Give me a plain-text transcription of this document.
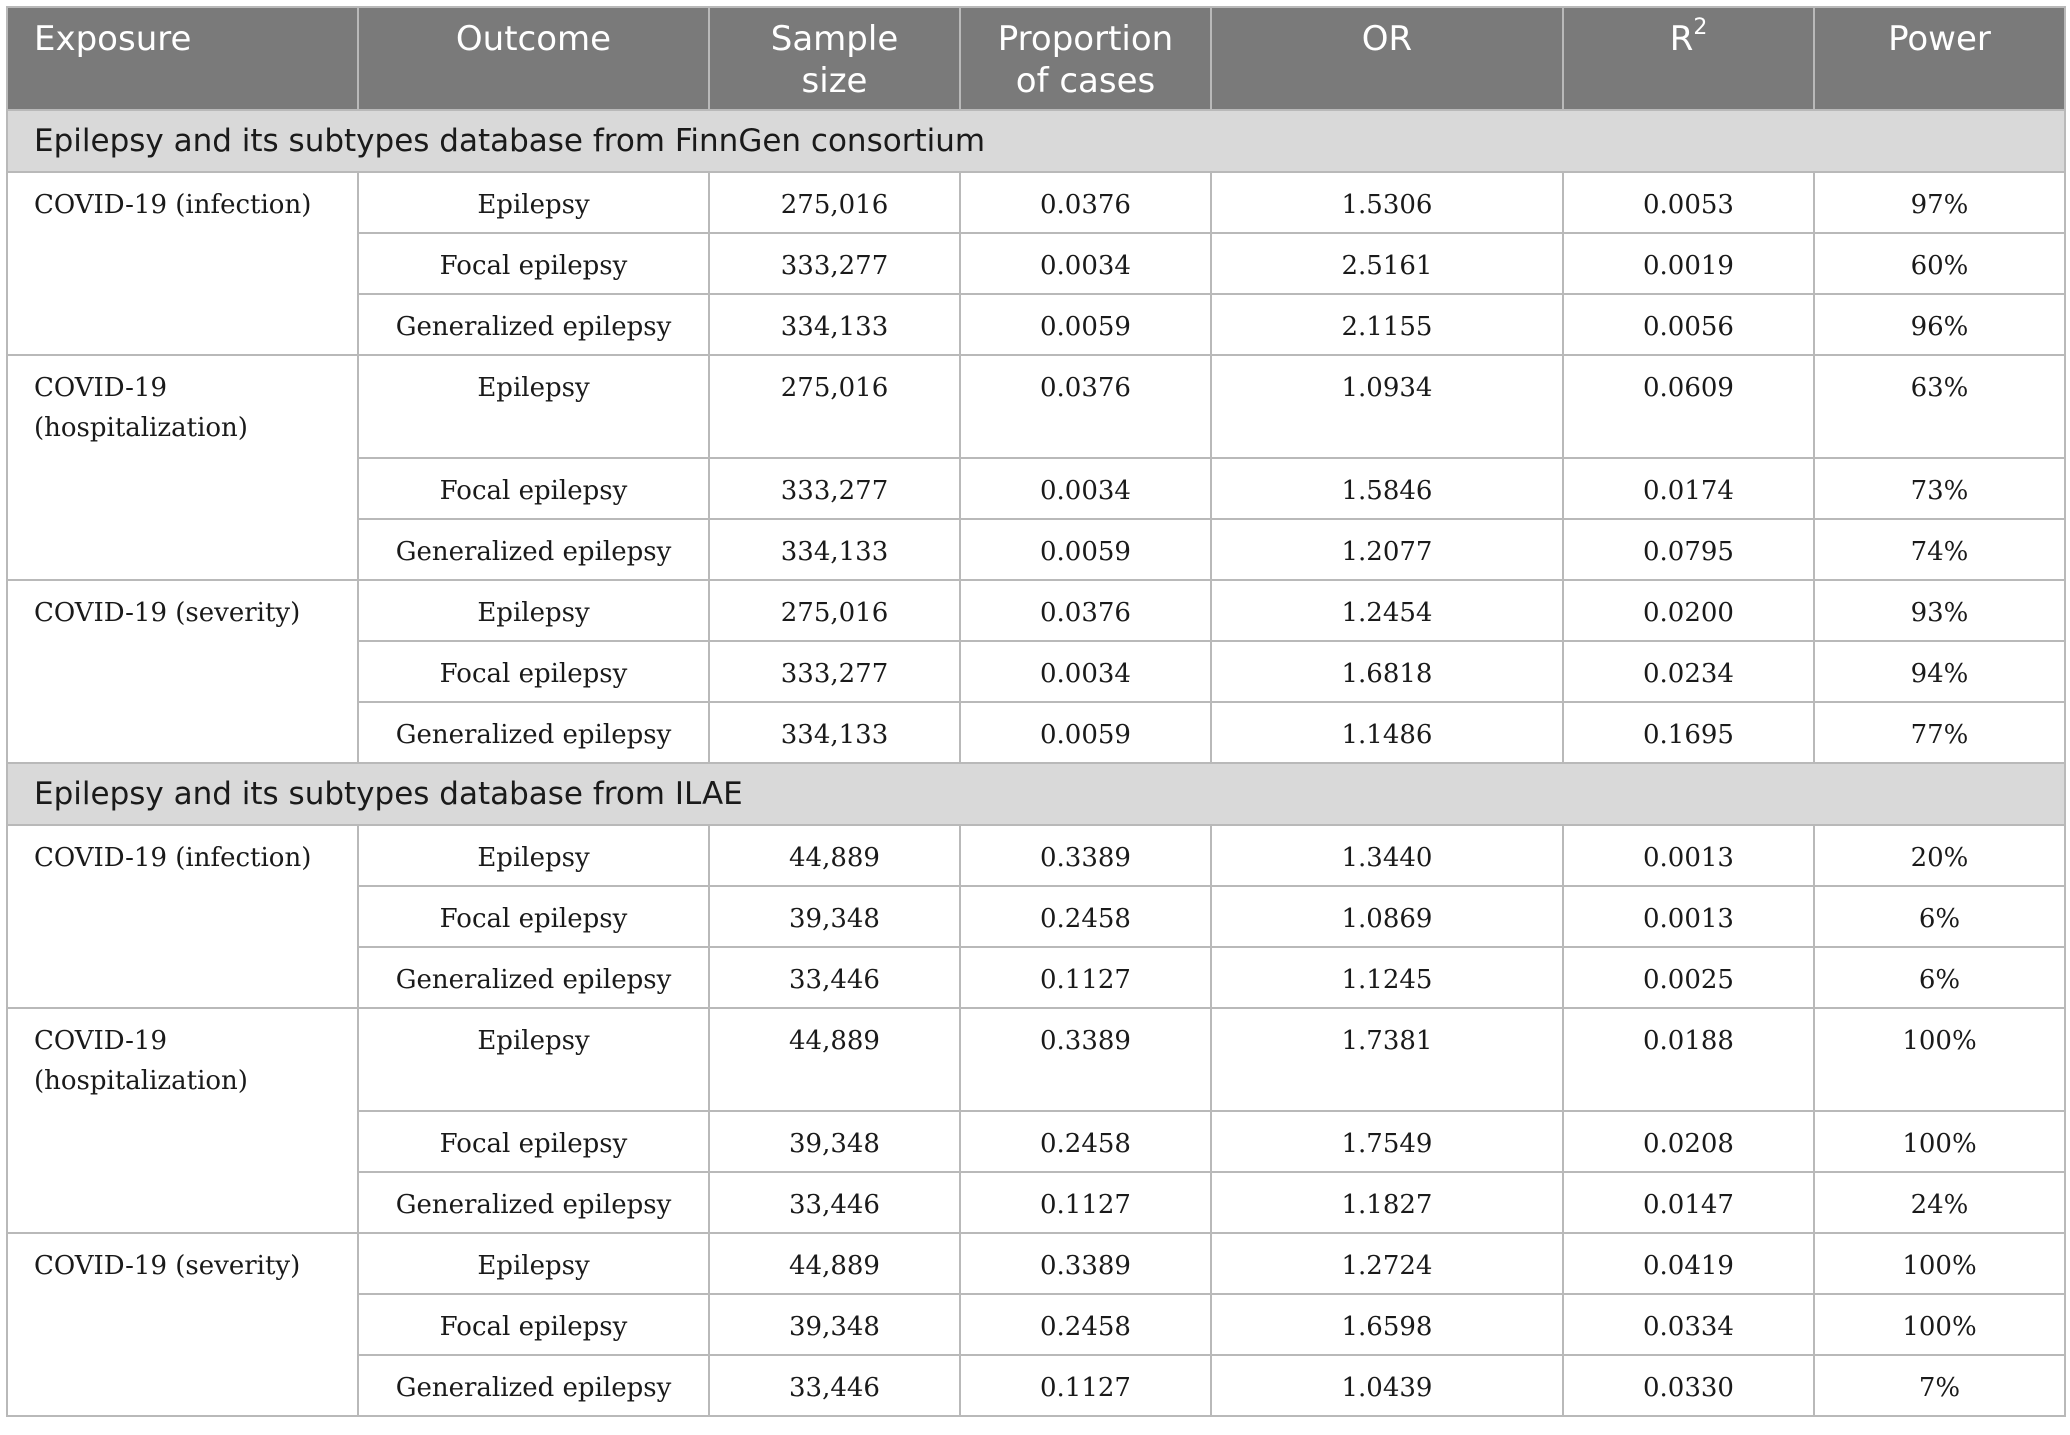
Exposure	Outcome	Sample size	Proportion of cases	OR	$R^2$	Power
Epilepsy and its subtypes database from FinnGen consortium						
COVID-19 (infection)	Epilepsy	275,016	0.0376	1.5306	0.0053	97%
	Focal epilepsy	333,277	0.0034	2.5161	0.0019	60%
	Generalized epilepsy	334,133	0.0059	2.1155	0.0056	96%
COVID-19 (hospitalization)	Epilepsy	275,016	0.0376	1.0934	0.0609	63%
	Focal epilepsy	333,277	0.0034	1.5846	0.0174	73%
	Generalized epilepsy	334,133	0.0059	1.2077	0.0795	74%
COVID-19 (severity)	Epilepsy	275,016	0.0376	1.2454	0.0200	93%
	Focal epilepsy	333,277	0.0034	1.6818	0.0234	94%
	Generalized epilepsy	334,133	0.0059	1.1486	0.1695	77%
Epilepsy and its subtypes database from ILAE						
COVID-19 (infection)	Epilepsy	44,889	0.3389	1.3440	0.0013	20%
	Focal epilepsy	39,348	0.2458	1.0869	0.0013	6%
	Generalized epilepsy	33,446	0.1127	1.1245	0.0025	6%
COVID-19 (hospitalization)	Epilepsy	44,889	0.3389	1.7381	0.0188	100%
	Focal epilepsy	39,348	0.2458	1.7549	0.0208	100%
	Generalized epilepsy	33,446	0.1127	1.1827	0.0147	24%
COVID-19 (severity)	Epilepsy	44,889	0.3389	1.2724	0.0419	100%
	Focal epilepsy	39,348	0.2458	1.6598	0.0334	100%
	Generalized epilepsy	33,446	0.1127	1.0439	0.0330	7%
